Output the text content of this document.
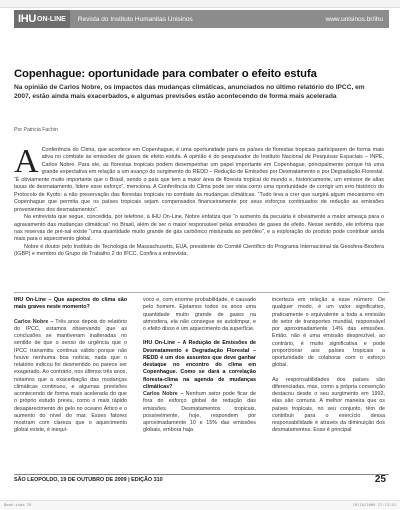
IHU ON-LINE Revista do Instituto Humanitas Unisinos	www.unisinos.br/ihu
Copenhague: oportunidade para combater o efeito estufa

Na opinião de Carlos Nobre, os impactos das mudanças climáticas, anunciados no último relatório do IPCC, em 2007, estão ainda mais exacerbados, e algumas previsões estão acontecendo de forma mais acelerada

Por Patricia Fachin

A Conferência do Clima, que acontece em Copenhague, é uma oportunidade para os países de florestas tropicais participarem de forma mais ativa no combate às emissões de gases de efeito estufa. A opinião é do pesquisador do Instituto Nacional de Pesquisas Espaciais – INPE, Carlos Nobre. Para ele, as florestas tropicais podem desempenhar um papel importante em Copenhague, principalmente porque há uma grande expectativa em relação a um avanço do surgimento do REDD – Redução de Emissões por Desmatamento e por Degradação Florestal. “É obviamente muito importante que o Brasil, sendo o país que tem a maior área de floresta tropical do mundo e, historicamente, um emissor de altas taxas de desmatamento, lidere esse esforço”, menciona. A Conferência do Clima pode ser vista como uma oportunidade de corrigir um erro histórico do Protocolo de Kyoto: a não preservação das florestas tropicais no combate às mudanças climáticas. “Tudo leva a crer que surgirá algum mecanismo em Copenhague que permita que os países tropicais sejam compensados financeiramente por seus esforços continuados de redução as emissões provenientes dos desmatamentos”.

Na entrevista que segue, concedida, por telefone, à IHU On-Line, Nobre enfatiza que “o aumento da pecuária é obviamente a maior ameaça para o agravamento das mudanças climáticas” no Brasil, além de ser o maior responsável pelas emissões de gases de efeito. Nesse sentido, ele informa que nas reservas de pré-sal existe “uma quantidade muito grande de gás carbônico misturada ao petróleo”, e a exploração do produto pode contribuir ainda mais para o aquecimento global.

Nobre é doutor pelo Instituto de Tecnologia de Massachusetts, EUA, presidente do Comitê Científico do Programa Internacional da Geosfera-Biosfera (IGBP) e membro do Grupo de Trabalho 2 do IPCC. Confira a entrevista.

IHU On-Line – Que aspectos do clima são mais graves neste momento?

Carlos Nobre – Três anos depois do relatório do IPCC, estamos observando que as conclusões se mantiveram inalteradas no sentido de que o senso de urgência que o IPCC transmitiu continua válido porque não houve nenhuma boa notícia; nada que o relatório indicou foi desmentido ou parece ser exagerado. Ao contrário, nos últimos três anos, notamos que a exacerbação das mudanças climáticas continuou, e algumas previsões acontecendo de forma mais acelerada do que o próprio estudo previu, como o mais rápido desaparecimento do gelo no oceano Ártico e o aumento do nível do mar. Esses fatores mostram com clareza que o aquecimento global existe, é inequí-

voco e, com enorme probabilidade, é causado pelo homem. Ejetamos todos os anos uma quantidade muito grande de gases na atmosfera, ela não consegue se autolimpar, e o efeito disso é um aquecimento da superfície.

IHU On-Line – A Redução de Emissões de Desmatamento e Degradação Florestal – REDD é um dos assuntos que deve ganhar destaque no encontro do clima em Copenhague. Como se dará a correlação floresta-clima na agenda de mudanças climáticas?

Carlos Nobre – Nenhum setor pode ficar de fora do esforço global de redução das emissões. Desmatamentos tropicais, possivelmente, hoje, respondem por aproximadamente 10 e 15% das emissões globais, embora haja

incerteza em relação a esse número. De qualquer modo, é um valor significativo, praticamente o equivalente a toda a emissão de setor de transportes mundial, responsável por aproximadamente 14% das emissões. Então, não é uma emissão desprezível, ao contrário, é muito significativa e pode proporcionar aos países tropicais a oportunidade de colaborar com o esforço global.

As responsabilidades dos países são diferenciadas, mas, como a própria convenção destacou desde o seu surgimento em 1992, elas são comuns. A melhor maneira que os países tropicais, no seu conjunto, têm de contribuir para o exercício dessa responsabilidade é através da diminuição dos desmatamentos. Esse é principal

SÃO LEOPOLDO, 19 DE OUTUBRO DE 2009 | EDIÇÃO 310	25
Book.indd 25	19/10/2009 17:13:51
